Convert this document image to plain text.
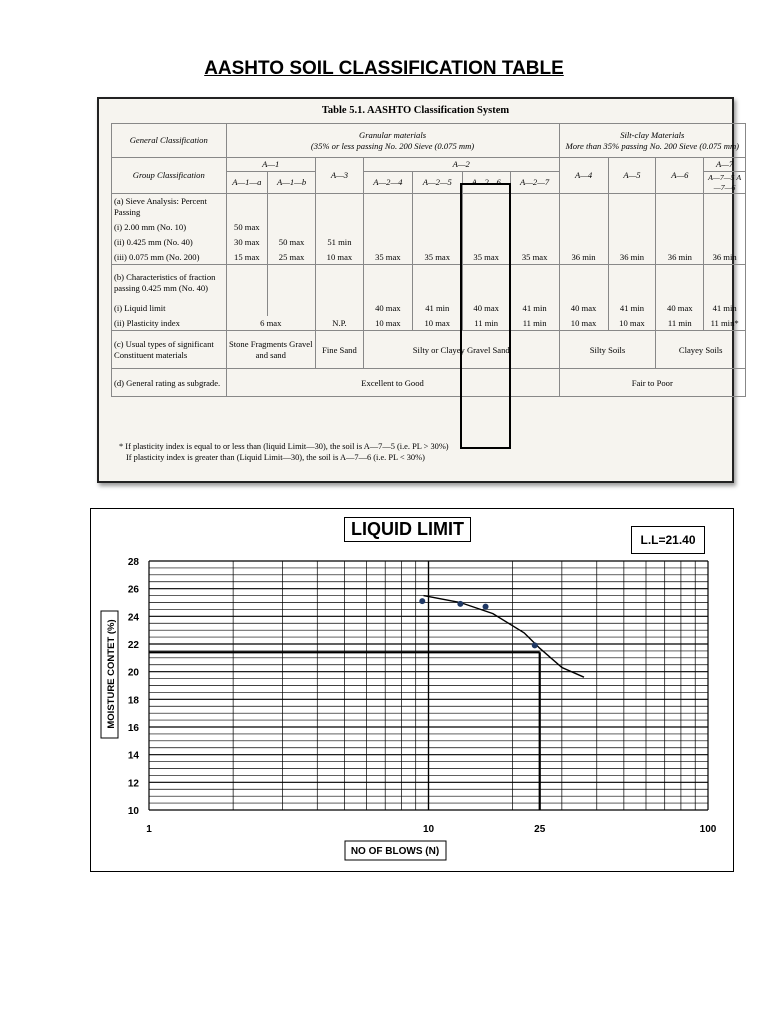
AASHTO SOIL CLASSIFICATION TABLE
Table 5.1. AASHTO Classification System
General Classification	Granular materials
(35% or less passing No. 200 Sieve (0.075 mm)							Silt-clay Materials
More than 35% passing No. 200 Sieve (0.075 mm)			
Group Classification	A—1		A—3	A—2				A—4	A—5	A—6	A—7
	A—1—a	A—1—b		A—2—4	A—2—5	A—2—6	A—2—7				A—7—5 A—7—6
(a) Sieve Analysis: Percent Passing											
(i) 2.00 mm (No. 10)	50 max										
(ii) 0.425 mm (No. 40)	30 max	50 max	51 min								
(iii) 0.075 mm (No. 200)	15 max	25 max	10 max	35 max	35 max	35 max	35 max	36 min	36 min	36 min	36 min
(b) Characteristics of fraction passing 0.425 mm (No. 40)											
(i) Liquid limit				40 max	41 min	40 max	41 min	40 max	41 min	40 max	41 min
(ii) Plasticity index	6 max		N.P.	10 max	10 max	11 min	11 min	10 max	10 max	11 min	11 min*
(c) Usual types of significant Constituent materials	Stone Fragments Gravel and sand		Fine Sand	Silty or Clayey Gravel Sand				Silty Soils		Clayey Soils	
(d) General rating as subgrade.	Excellent to Good							Fair to Poor			
* If plasticity index is equal to or less than (liquid Limit—30), the soil is A—7—5 (i.e. PL > 30%)
If plasticity index is greater than (Liquid Limit—30), the soil is A—7—6 (i.e. PL < 30%)
10
12
14
16
18
20
22
24
26
28
1	10	25	100
NO OF BLOWS (N)
MOISTURE CONTET (%)
LIQUID LIMIT
L.L=21.40
